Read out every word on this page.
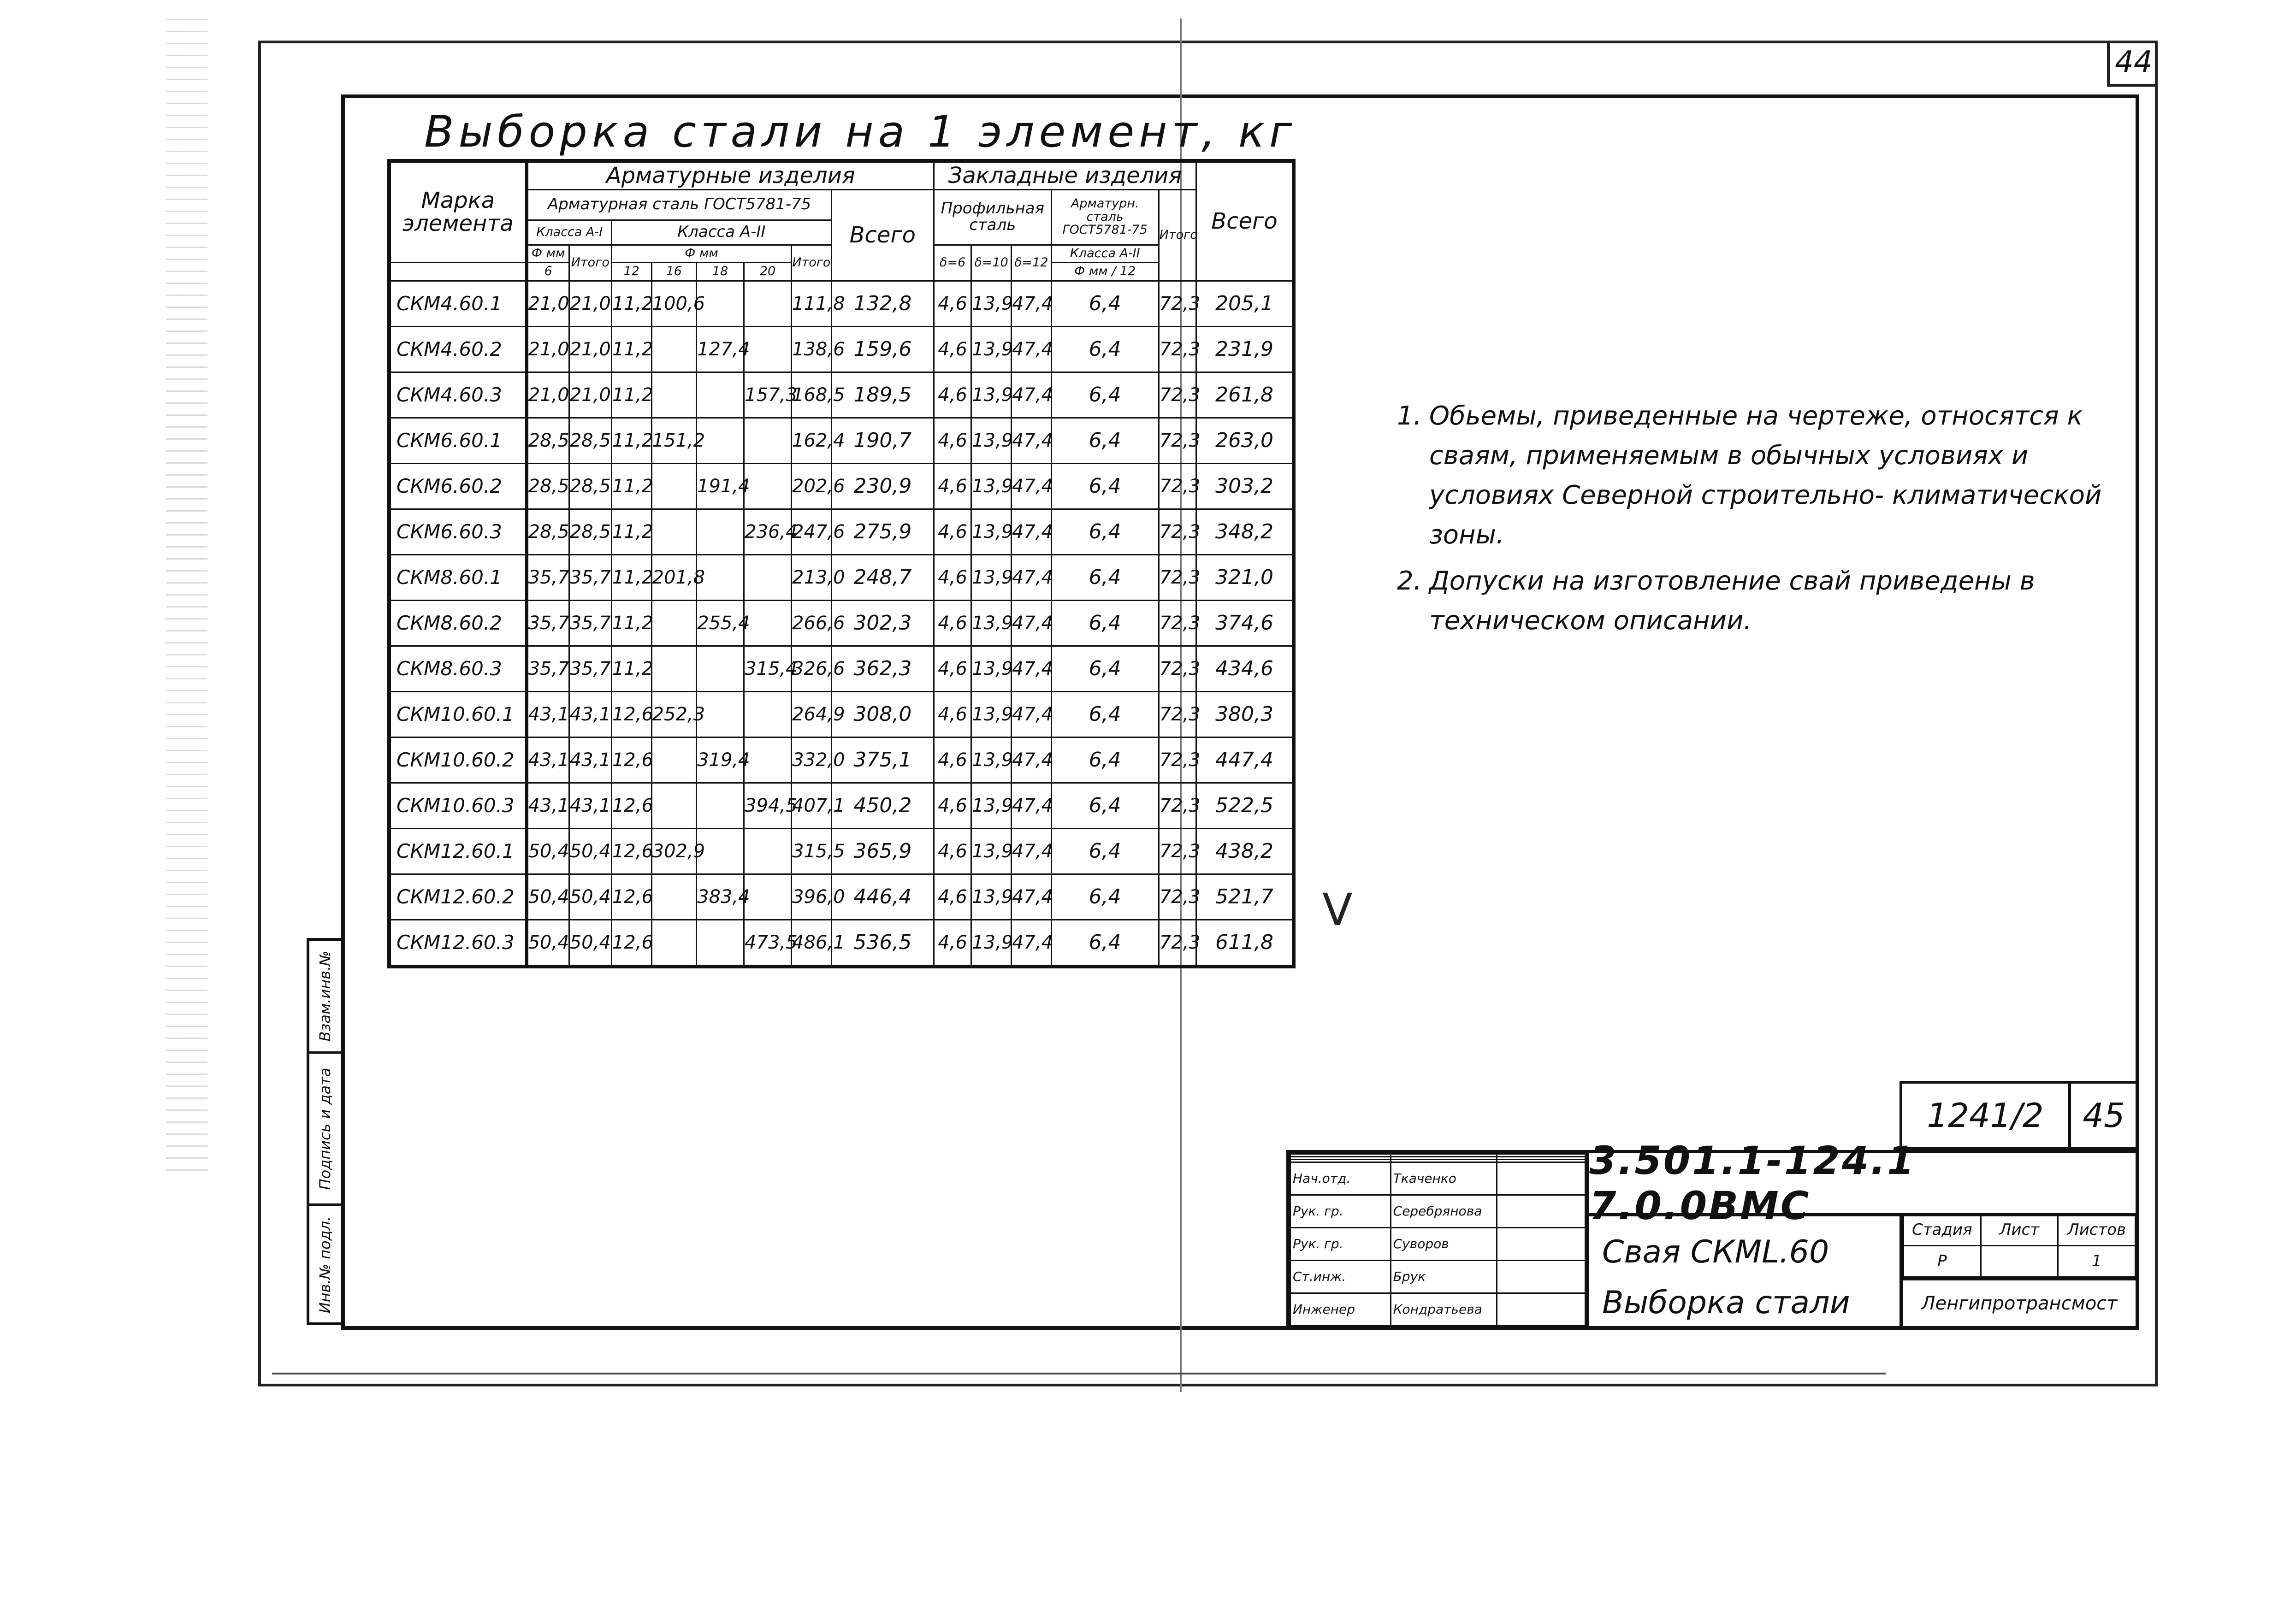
44
Выборка стали на 1 элемент, кг
Марка элемента	Арматурные изделия								Закладные изделия					Всего
	Арматурная сталь ГОСТ5781-75							Всего	Профильная сталь			Арматурн. сталь ГОСТ5781-75	Итого	
	Класса А-I		Класса А-II											
	Ф мм	Итого	Ф мм				Итого		δ=6	δ=10	δ=12	Класса А-II		
	6		12	16	18	20						Ф мм / 12		
СКМ4.60.1	21,0	21,0	11,2	100,6			111,8	132,8	4,6	13,9	47,4	6,4	72,3	205,1
СКМ4.60.2	21,0	21,0	11,2		127,4		138,6	159,6	4,6	13,9	47,4	6,4	72,3	231,9
СКМ4.60.3	21,0	21,0	11,2			157,3	168,5	189,5	4,6	13,9	47,4	6,4	72,3	261,8
СКМ6.60.1	28,5	28,5	11,2	151,2			162,4	190,7	4,6	13,9	47,4	6,4	72,3	263,0
СКМ6.60.2	28,5	28,5	11,2		191,4		202,6	230,9	4,6	13,9	47,4	6,4	72,3	303,2
СКМ6.60.3	28,5	28,5	11,2			236,4	247,6	275,9	4,6	13,9	47,4	6,4	72,3	348,2
СКМ8.60.1	35,7	35,7	11,2	201,8			213,0	248,7	4,6	13,9	47,4	6,4	72,3	321,0
СКМ8.60.2	35,7	35,7	11,2		255,4		266,6	302,3	4,6	13,9	47,4	6,4	72,3	374,6
СКМ8.60.3	35,7	35,7	11,2			315,4	326,6	362,3	4,6	13,9	47,4	6,4	72,3	434,6
СКМ10.60.1	43,1	43,1	12,6	252,3			264,9	308,0	4,6	13,9	47,4	6,4	72,3	380,3
СКМ10.60.2	43,1	43,1	12,6		319,4		332,0	375,1	4,6	13,9	47,4	6,4	72,3	447,4
СКМ10.60.3	43,1	43,1	12,6			394,5	407,1	450,2	4,6	13,9	47,4	6,4	72,3	522,5
СКМ12.60.1	50,4	50,4	12,6	302,9			315,5	365,9	4,6	13,9	47,4	6,4	72,3	438,2
СКМ12.60.2	50,4	50,4	12,6		383,4		396,0	446,4	4,6	13,9	47,4	6,4	72,3	521,7
СКМ12.60.3	50,4	50,4	12,6			473,5	486,1	536,5	4,6	13,9	47,4	6,4	72,3	611,8
1. Обьемы, приведенные на чертеже, относятся к сваям, применяемым в обычных условиях и условиях Северной строительно- климатической зоны.
2. Допуски на изготовление свай приведены в техническом описании.
V
Взам.инв.№
Подпись и дата
Инв.№ подл.
1241/2	45

Нач.отд.	Ткаченко	
Рук. гр.	Серебрянова	
Рук. гр.	Суворов	
Ст.инж.	Брук	
Инженер	Кондратьева	
3.501.1-124.1 7.0.0ВМС
Свая СКМL.60
Выборка стали
Стадия	Лист	Листов
Р		1
Ленгипротрансмост
